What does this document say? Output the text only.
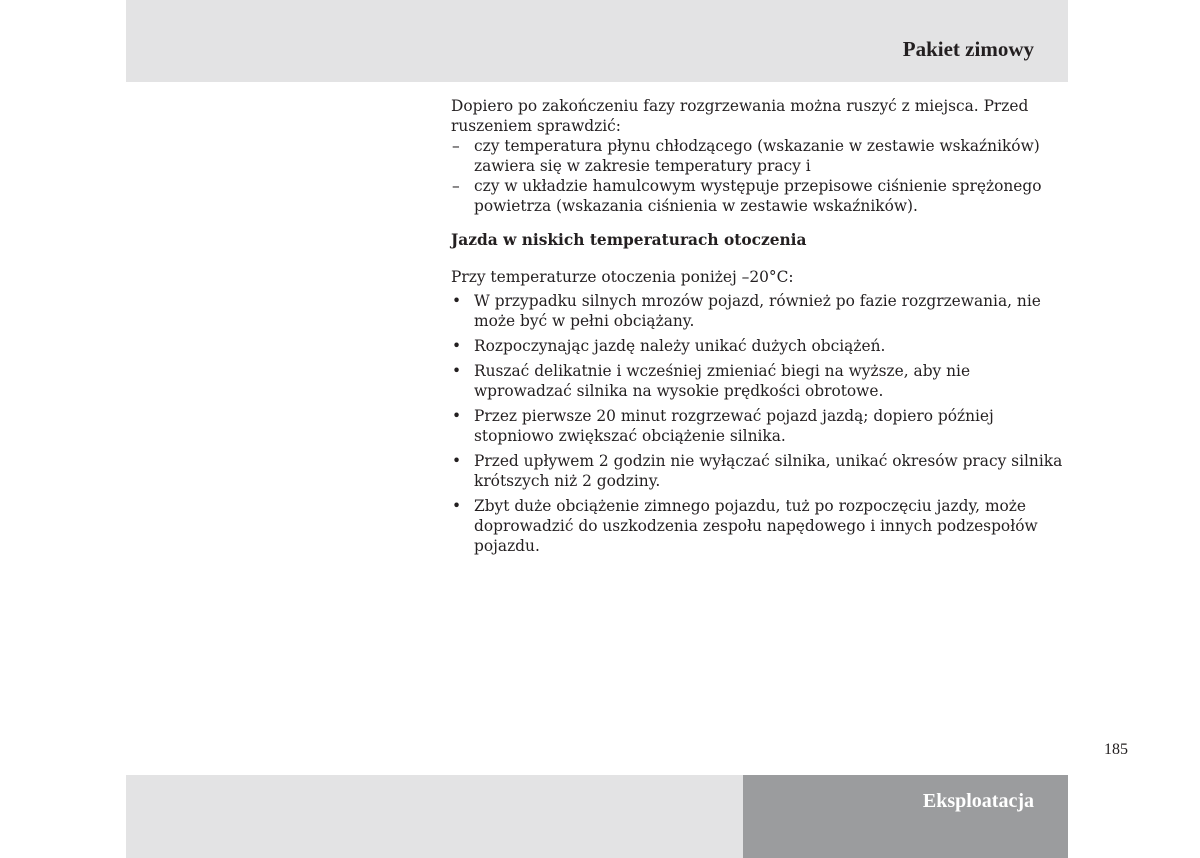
Pakiet zimowy

Dopiero po zakończeniu fazy rozgrzewania można ruszyć z miejsca. Przed ruszeniem sprawdzić:

– czy temperatura płynu chłodzącego (wskazanie w zestawie wskaźników) zawiera się w zakresie temperatury pracy i
– czy w układzie hamulcowym występuje przepisowe ciśnienie sprężonego powietrza (wskazania ciśnienia w zestawie wskaźników).

Jazda w niskich temperaturach otoczenia

Przy temperaturze otoczenia poniżej –20°C:

• W przypadku silnych mrozów pojazd, również po fazie rozgrzewania, nie może być w pełni obciążany.
• Rozpoczynając jazdę należy unikać dużych obciążeń.
• Ruszać delikatnie i wcześniej zmieniać biegi na wyższe, aby nie wprowadzać silnika na wysokie prędkości obrotowe.
• Przez pierwsze 20 minut rozgrzewać pojazd jazdą; dopiero później stopniowo zwiększać obciążenie silnika.
• Przed upływem 2 godzin nie wyłączać silnika, unikać okresów pracy silnika krótszych niż 2 godziny.
• Zbyt duże obciążenie zimnego pojazdu, tuż po rozpoczęciu jazdy, może doprowadzić do uszkodzenia zespołu napędowego i innych podzespołów pojazdu.
185
Eksploatacja
